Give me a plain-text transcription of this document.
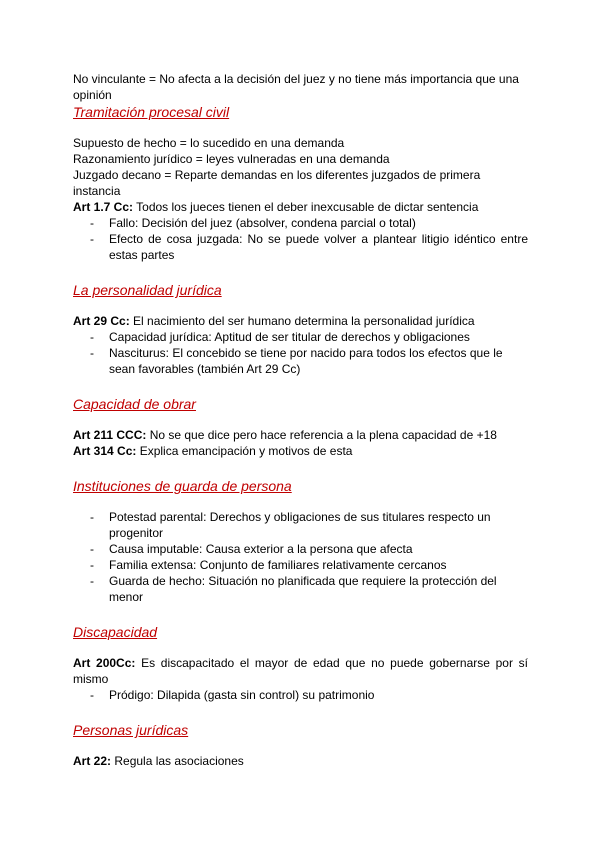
No vinculante = No afecta a la decisión del juez y no tiene más importancia que una opinión

Tramitación procesal civil

Supuesto de hecho = lo sucedido en una demanda

Razonamiento jurídico = leyes vulneradas en una demanda

Juzgado decano = Reparte demandas en los diferentes juzgados de primera instancia

Art 1.7 Cc: Todos los jueces tienen el deber inexcusable de dictar sentencia

- Fallo: Decisión del juez (absolver, condena parcial o total)
- Efecto de cosa juzgada: No se puede volver a plantear litigio idéntico entre estas partes

La personalidad jurídica

Art 29 Cc: El nacimiento del ser humano determina la personalidad jurídica

- Capacidad jurídica: Aptitud de ser titular de derechos y obligaciones
- Nasciturus: El concebido se tiene por nacido para todos los efectos que le sean favorables (también Art 29 Cc)

Capacidad de obrar

Art 211 CCC: No se que dice pero hace referencia a la plena capacidad de +18

Art 314 Cc: Explica emancipación y motivos de esta

Instituciones de guarda de persona

- Potestad parental: Derechos y obligaciones de sus titulares respecto un progenitor
- Causa imputable: Causa exterior a la persona que afecta
- Familia extensa: Conjunto de familiares relativamente cercanos
- Guarda de hecho: Situación no planificada que requiere la protección del menor

Discapacidad

Art 200Cc: Es discapacitado el mayor de edad que no puede gobernarse por sí mismo

- Pródigo: Dilapida (gasta sin control) su patrimonio

Personas jurídicas

Art 22: Regula las asociaciones
